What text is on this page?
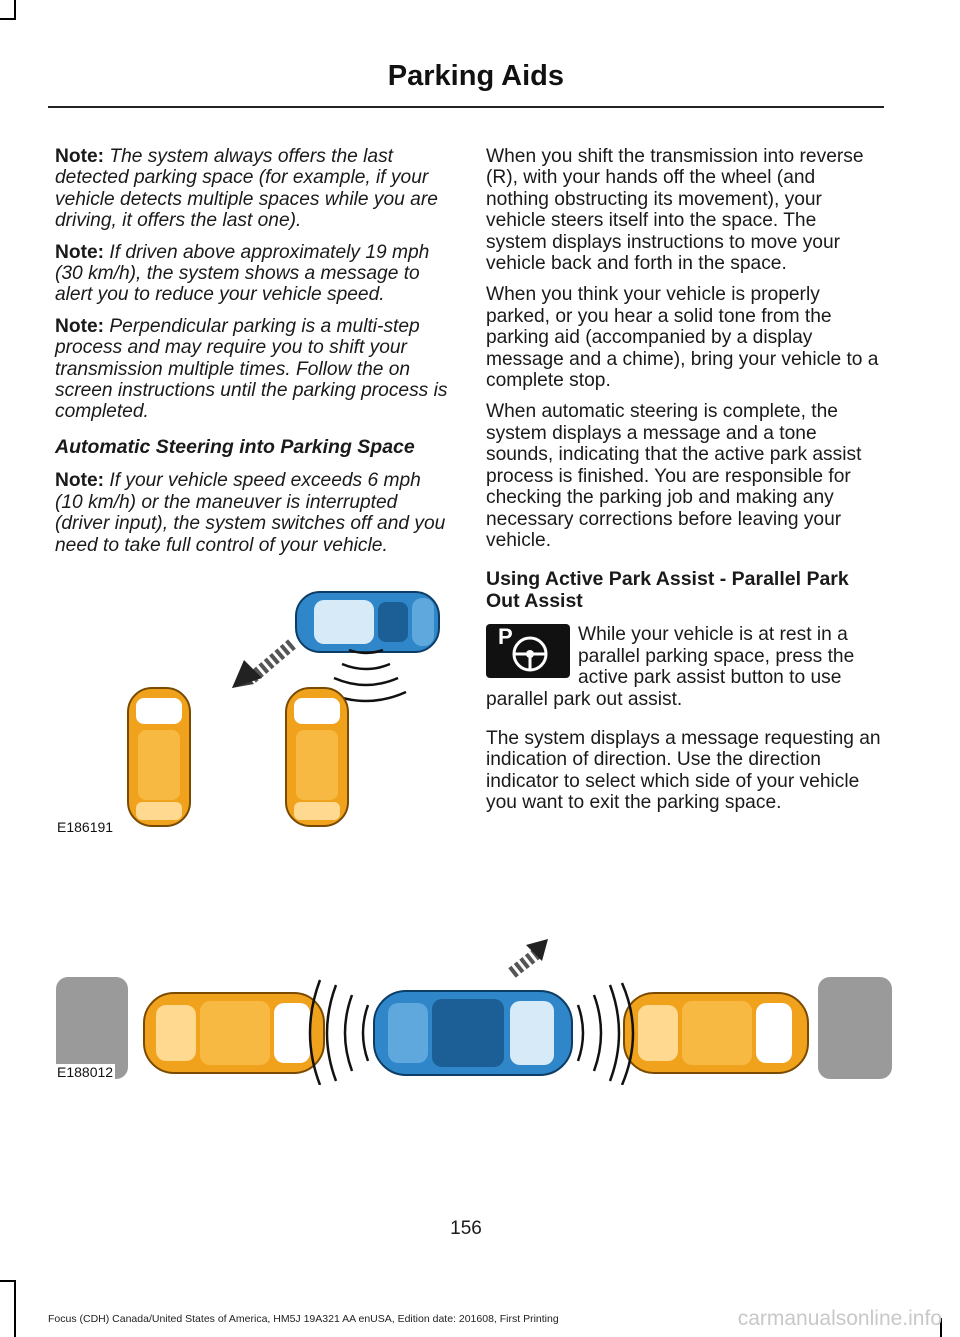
Parking Aids

Note: The system always offers the last detected parking space (for example, if your vehicle detects multiple spaces while you are driving, it offers the last one).

Note: If driven above approximately 19 mph (30 km/h), the system shows a message to alert you to reduce your vehicle speed.

Note: Perpendicular parking is a multi-step process and may require you to shift your transmission multiple times. Follow the on screen instructions until the parking process is completed.

Automatic Steering into Parking Space

Note: If your vehicle speed exceeds 6 mph (10 km/h) or the maneuver is interrupted (driver input), the system switches off and you need to take full control of your vehicle.

E186191

When you shift the transmission into reverse (R), with your hands off the wheel (and nothing obstructing its movement), your vehicle steers itself into the space. The system displays instructions to move your vehicle back and forth in the space.

When you think your vehicle is properly parked, or you hear a solid tone from the parking aid (accompanied by a display message and a chime), bring your vehicle to a complete stop.

When automatic steering is complete, the system displays a message and a tone sounds, indicating that the active park assist process is finished. You are responsible for checking the parking job and making any necessary corrections before leaving your vehicle.

Using Active Park Assist - Parallel Park Out Assist
P	While your vehicle is at rest in a parallel parking space, press the active park assist button to use parallel park out assist.

The system displays a message requesting an indication of direction. Use the direction indicator to select which side of your vehicle you want to exit the parking space.

E188012
156
Focus (CDH) Canada/United States of America, HM5J 19A321 AA enUSA, Edition date: 201608, First Printing	carmanualsonline.info
